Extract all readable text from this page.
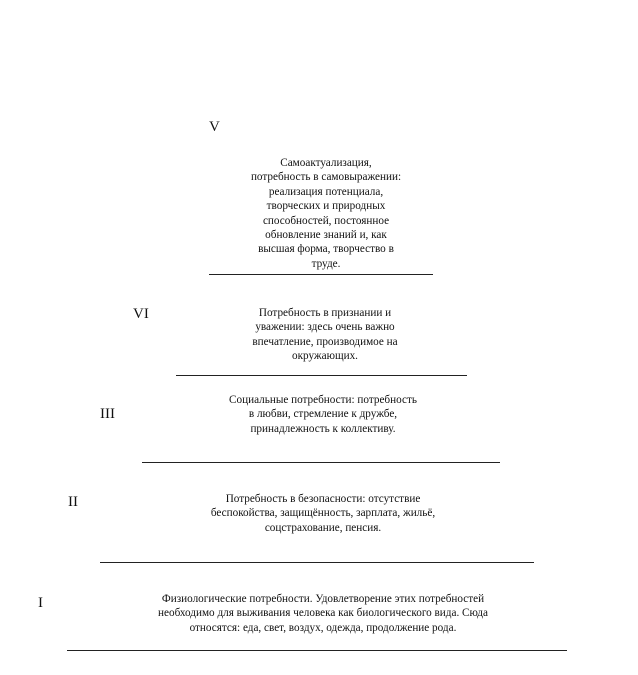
V
Самоактуализация,
потребность в самовыражении:
реализация потенциала,
творческих и природных
способностей, постоянное
обновление знаний и, как
высшая форма, творчество в
труде.
VI	Потребность в признании и
уважении: здесь очень важно
впечатление, производимое на
окружающих.
III
Социальные потребности: потребность
в любви, стремление к дружбе,
принадлежность к коллективу.
II	Потребность в безопасности: отсутствие
беспокойства, защищённость, зарплата, жильё,
соцстрахование, пенсия.
I	Физиологические потребности. Удовлетворение этих потребностей
необходимо для выживания человека как биологического вида. Сюда
относятся: еда, свет, воздух, одежда, продолжение рода.
